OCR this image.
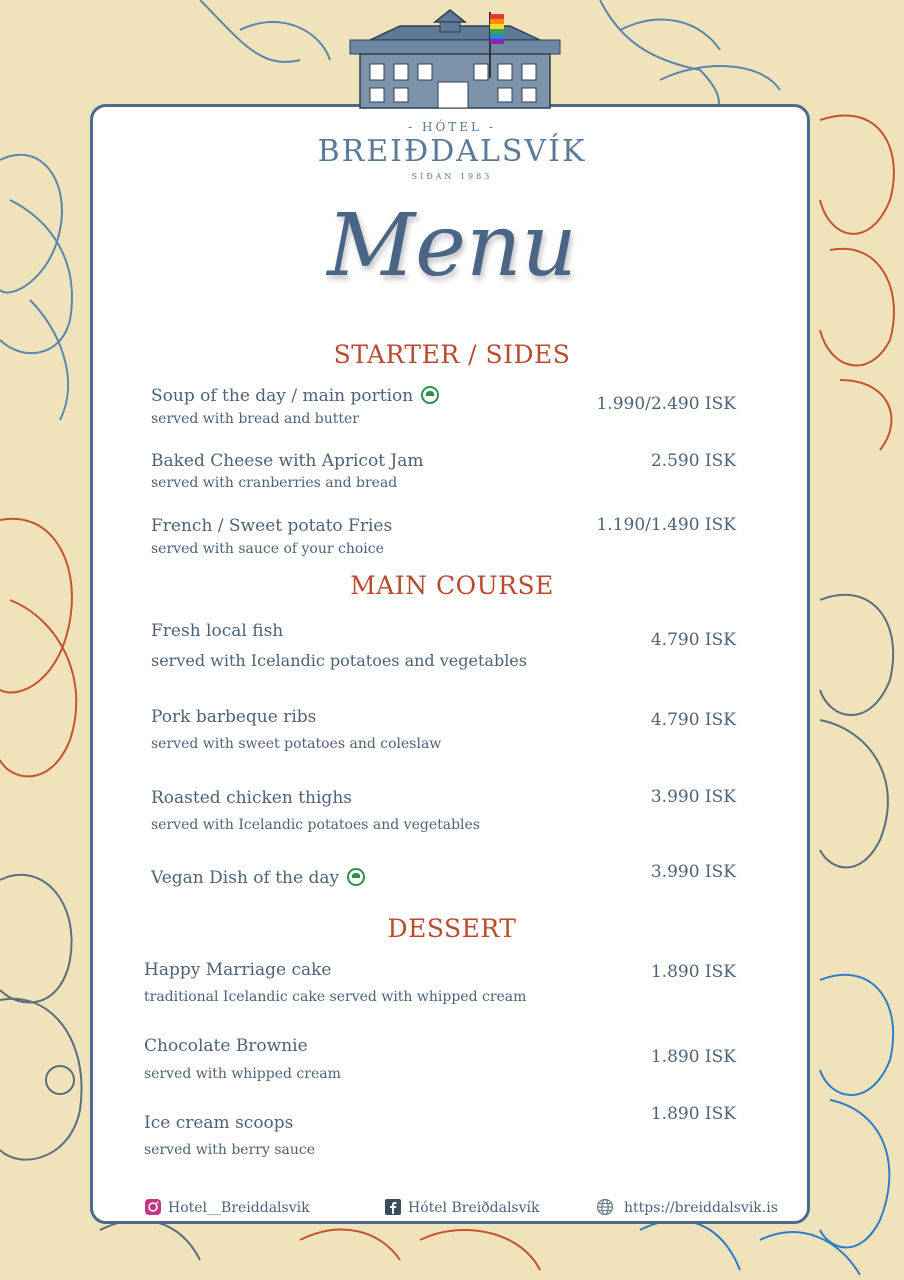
- HÓTEL -
BREIÐDALSVÍK
SÍÐAN 1983
Menu
STARTER / SIDES
Soup of the day / main portion
served with bread and butter
1.990/2.490 ISK
Baked Cheese with Apricot Jam
served with cranberries and bread
2.590 ISK
French / Sweet potato Fries
served with sauce of your choice
1.190/1.490 ISK
MAIN COURSE
Fresh local fish
served with Icelandic potatoes and vegetables
4.790 ISK
Pork barbeque ribs
served with sweet potatoes and coleslaw
4.790 ISK
Roasted chicken thighs
served with Icelandic potatoes and vegetables
3.990 ISK
Vegan Dish of the day	3.990 ISK
DESSERT
Happy Marriage cake
traditional Icelandic cake served with whipped cream
1.890 ISK
Chocolate Brownie
served with whipped cream
1.890 ISK
Ice cream scoops
served with berry sauce
1.890 ISK
Hotel__Breiddalsvik	Hótel Breiðdalsvík	https://breiddalsvik.is
